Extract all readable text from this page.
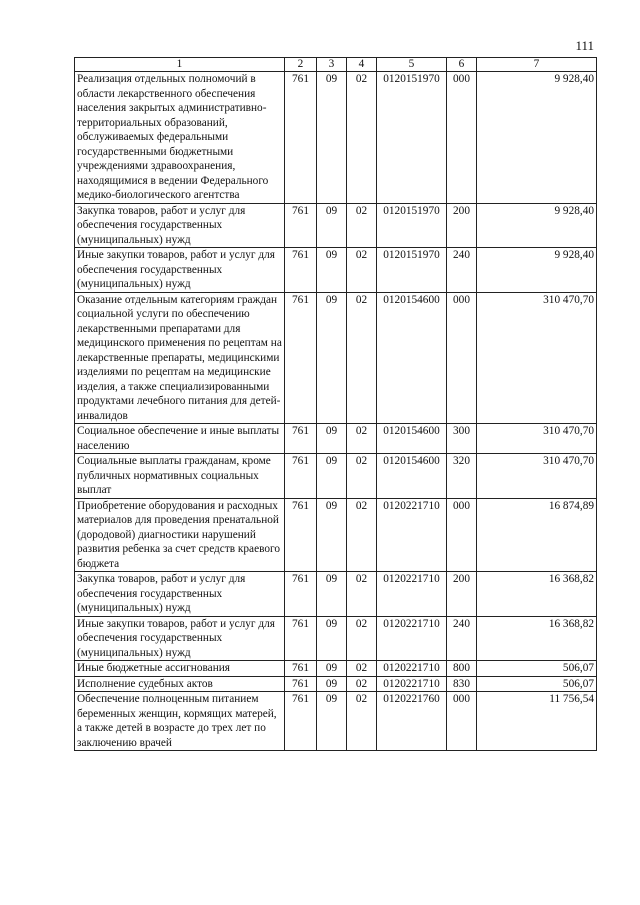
111
1	2	3	4	5	6	7
Реализация отдельных полномочий в области лекарственного обеспечения населения закрытых административно-территориальных образований, обслуживаемых федеральными государственными бюджетными учреждениями здравоохранения, находящимися в ведении Федерального медико-биологического агентства	761	09	02	0120151970	000	9 928,40
Закупка товаров, работ и услуг для обеспечения государственных (муниципальных) нужд	761	09	02	0120151970	200	9 928,40
Иные закупки товаров, работ и услуг для обеспечения государственных (муниципальных) нужд	761	09	02	0120151970	240	9 928,40
Оказание отдельным категориям граждан социальной услуги по обеспечению лекарственными препаратами для медицинского применения по рецептам на лекарственные препараты, медицинскими изделиями по рецептам на медицинские изделия, а также специализированными продуктами лечебного питания для детей-инвалидов	761	09	02	0120154600	000	310 470,70
Социальное обеспечение и иные выплаты населению	761	09	02	0120154600	300	310 470,70
Социальные выплаты гражданам, кроме публичных нормативных социальных выплат	761	09	02	0120154600	320	310 470,70
Приобретение оборудования и расходных материалов для проведения пренатальной (дородовой) диагностики нарушений развития ребенка за счет средств краевого бюджета	761	09	02	0120221710	000	16 874,89
Закупка товаров, работ и услуг для обеспечения государственных (муниципальных) нужд	761	09	02	0120221710	200	16 368,82
Иные закупки товаров, работ и услуг для обеспечения государственных (муниципальных) нужд	761	09	02	0120221710	240	16 368,82
Иные бюджетные ассигнования	761	09	02	0120221710	800	506,07
Исполнение судебных актов	761	09	02	0120221710	830	506,07
Обеспечение полноценным питанием беременных женщин, кормящих матерей, а также детей в возрасте до трех лет по заключению врачей	761	09	02	0120221760	000	11 756,54
